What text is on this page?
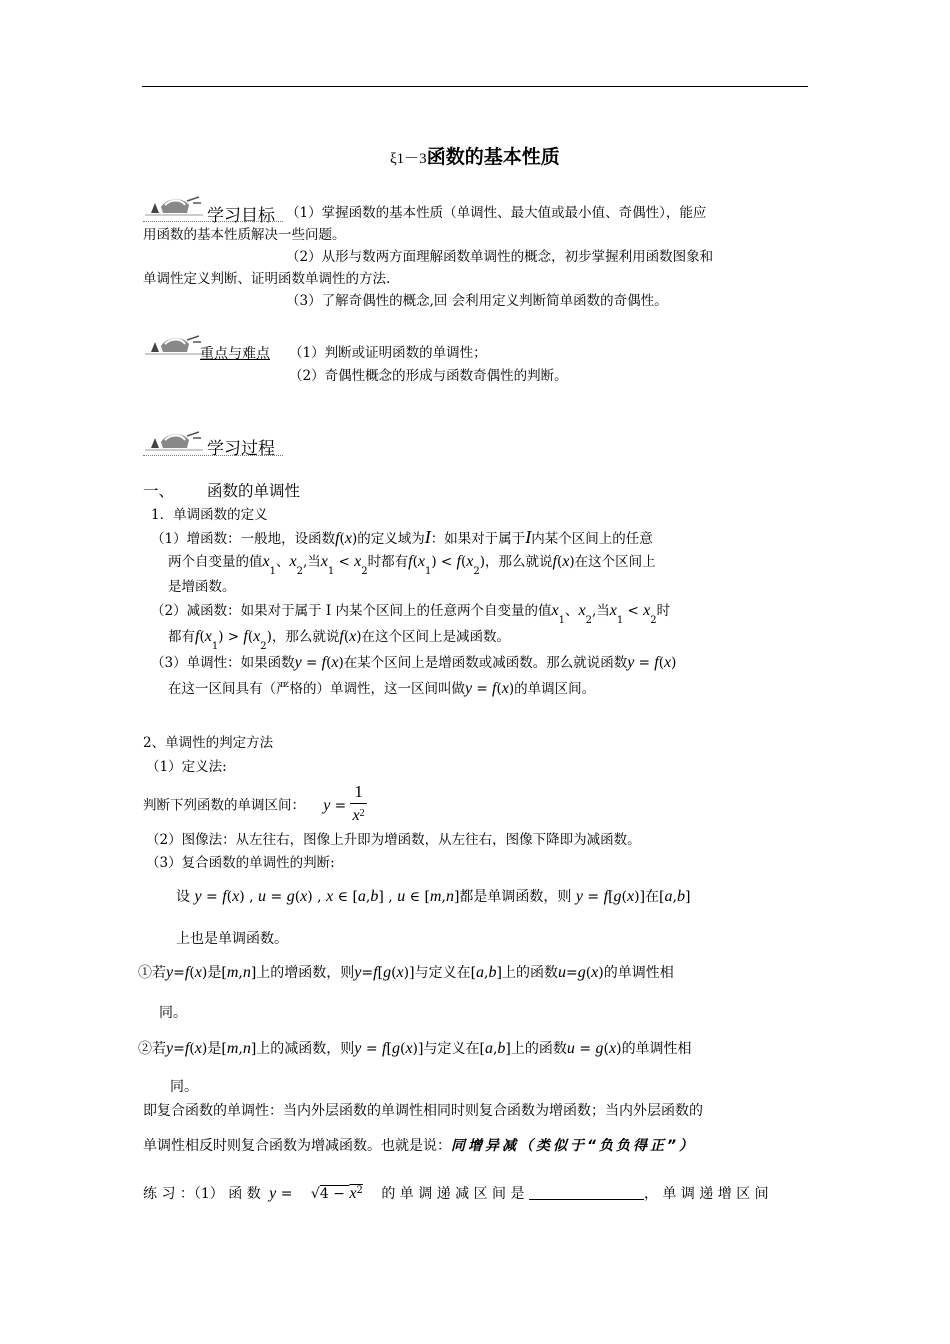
ξ1－3函数的基本性质
学习目标 （1）掌握函数的基本性质（单调性、最大值或最小值、奇偶性），能应
用函数的基本性质解决一些问题。
（2）从形与数两方面理解函数单调性的概念，初步掌握利用函数图象和
单调性定义判断、证明函数单调性的方法.
（3）了解奇偶性的概念,回 会利用定义判断简单函数的奇偶性。
重点与难点 （1）判断或证明函数的单调性；
（2）奇偶性概念的形成与函数奇偶性的判断。
学习过程
一、 函数的单调性
1．单调函数的定义
（1）增函数：一般地，设函数f(x)的定义域为I：如果对于属于I内某个区间上的任意
两个自变量的值$x_1$、$x_2$,当$x_1 < x_2$时都有$f(x_1) < f(x_2)$，那么就说f(x)在这个区间上
是增函数。
（2）减函数：如果对于属于 I 内某个区间上的任意两个自变量的值$x_1$、$x_2$,当$x_1 < x_2$时
都有$f(x_1) > f(x_2)$，那么就说f(x)在这个区间上是减函数。
（3）单调性：如果函数y = f(x)在某个区间上是增函数或减函数。那么就说函数y = f(x)
在这一区间具有（严格的）单调性，这一区间叫做y = f(x)的单调区间。
2、单调性的判定方法
（1）定义法:
判断下列函数的单调区间： $y = \frac{1}{x^2}$
（2）图像法：从左往右，图像上升即为增函数，从左往右，图像下降即为减函数。
（3）复合函数的单调性的判断:
设 y = f(x) , u = g(x) , x ∈ [a,b] , u ∈ [m,n]都是单调函数，则 y = f[g(x)]在[a,b]
上也是单调函数。
①若y=f(x)是[m,n]上的增函数，则y=f[g(x)]与定义在[a,b]上的函数u=g(x)的单调性相
同。
②若y=f(x)是[m,n]上的减函数，则y = f[g(x)]与定义在[a,b]上的函数u = g(x)的单调性相
同。
即复合函数的单调性：当内外层函数的单调性相同时则复合函数为增函数；当内外层函数的
单调性相反时则复合函数为增减函数。也就是说：同增异减（类似于“负负得正”）
练 习 ：（1） 函 数 $y = √4 - x^2$ 的 单 调 递 减 区 间 是	， 单 调 递 增 区 间
